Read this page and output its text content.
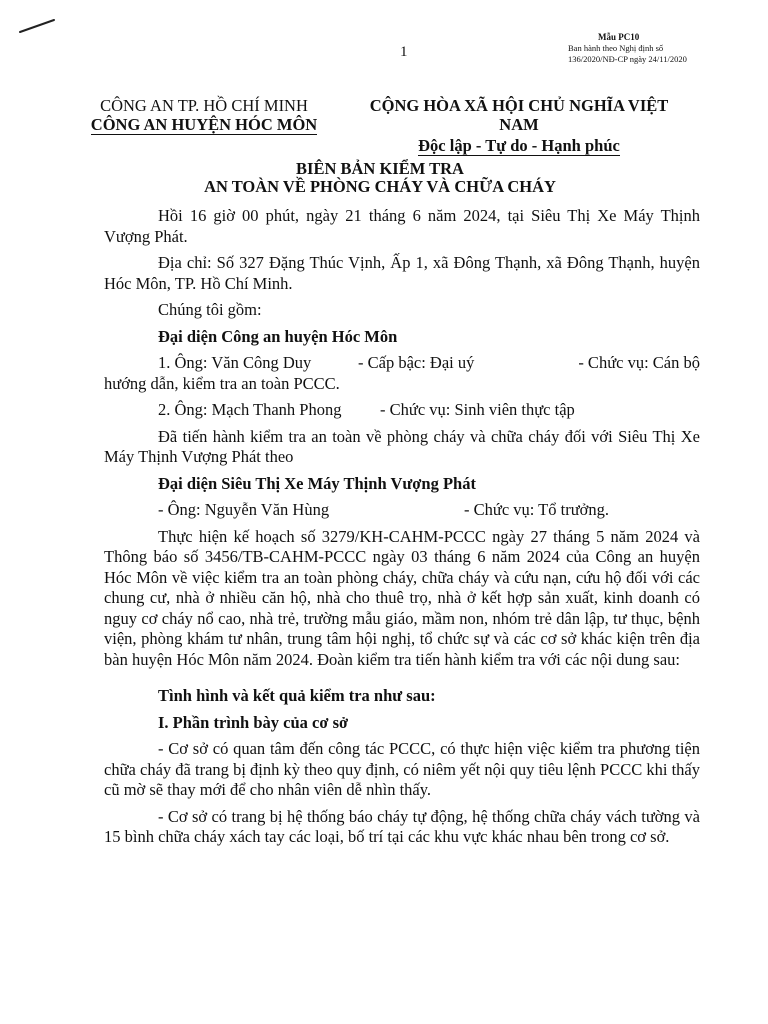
1
Mẫu PC10
Ban hành theo Nghị định số
136/2020/NĐ-CP ngày 24/11/2020
CÔNG AN TP. HỒ CHÍ MINH
CÔNG AN HUYỆN HÓC MÔN
CỘNG HÒA XÃ HỘI CHỦ NGHĨA VIỆT NAM
Độc lập - Tự do - Hạnh phúc
BIÊN BẢN KIỂM TRA
AN TOÀN VỀ PHÒNG CHÁY VÀ CHỮA CHÁY

Hồi 16 giờ 00 phút, ngày 21 tháng 6 năm 2024, tại Siêu Thị Xe Máy Thịnh Vượng Phát.

Địa chỉ: Số 327 Đặng Thúc Vịnh, Ấp 1, xã Đông Thạnh, xã Đông Thạnh, huyện Hóc Môn, TP. Hồ Chí Minh.

Chúng tôi gồm:

Đại diện Công an huyện Hóc Môn

1. Ông: Văn Công Duy	- Cấp bậc: Đại uý	- Chức vụ: Cán bộ

hướng dẫn, kiểm tra an toàn PCCC.

2. Ông: Mạch Thanh Phong	- Chức vụ: Sinh viên thực tập

Đã tiến hành kiểm tra an toàn về phòng cháy và chữa cháy đối với Siêu Thị Xe Máy Thịnh Vượng Phát theo

Đại diện Siêu Thị Xe Máy Thịnh Vượng Phát

- Ông: Nguyễn Văn Hùng	- Chức vụ: Tổ trưởng.

Thực hiện kế hoạch số 3279/KH-CAHM-PCCC ngày 27 tháng 5 năm 2024 và Thông báo số 3456/TB-CAHM-PCCC ngày 03 tháng 6 năm 2024 của Công an huyện Hóc Môn về việc kiểm tra an toàn phòng cháy, chữa cháy và cứu nạn, cứu hộ đối với các chung cư, nhà ở nhiều căn hộ, nhà cho thuê trọ, nhà ở kết hợp sản xuất, kinh doanh có nguy cơ cháy nổ cao, nhà trẻ, trường mẫu giáo, mầm non, nhóm trẻ dân lập, tư thục, bệnh viện, phòng khám tư nhân, trung tâm hội nghị, tổ chức sự và các cơ sở khác kiện trên địa bàn huyện Hóc Môn năm 2024. Đoàn kiểm tra tiến hành kiểm tra với các nội dung sau:

Tình hình và kết quả kiểm tra như sau:

I. Phần trình bày của cơ sở

- Cơ sở có quan tâm đến công tác PCCC, có thực hiện việc kiểm tra phương tiện chữa cháy đã trang bị định kỳ theo quy định, có niêm yết nội quy tiêu lệnh PCCC khi thấy cũ mờ sẽ thay mới để cho nhân viên dễ nhìn thấy.

- Cơ sở có trang bị hệ thống báo cháy tự động, hệ thống chữa cháy vách tường và 15 bình chữa cháy xách tay các loại, bố trí tại các khu vực khác nhau bên trong cơ sở.
